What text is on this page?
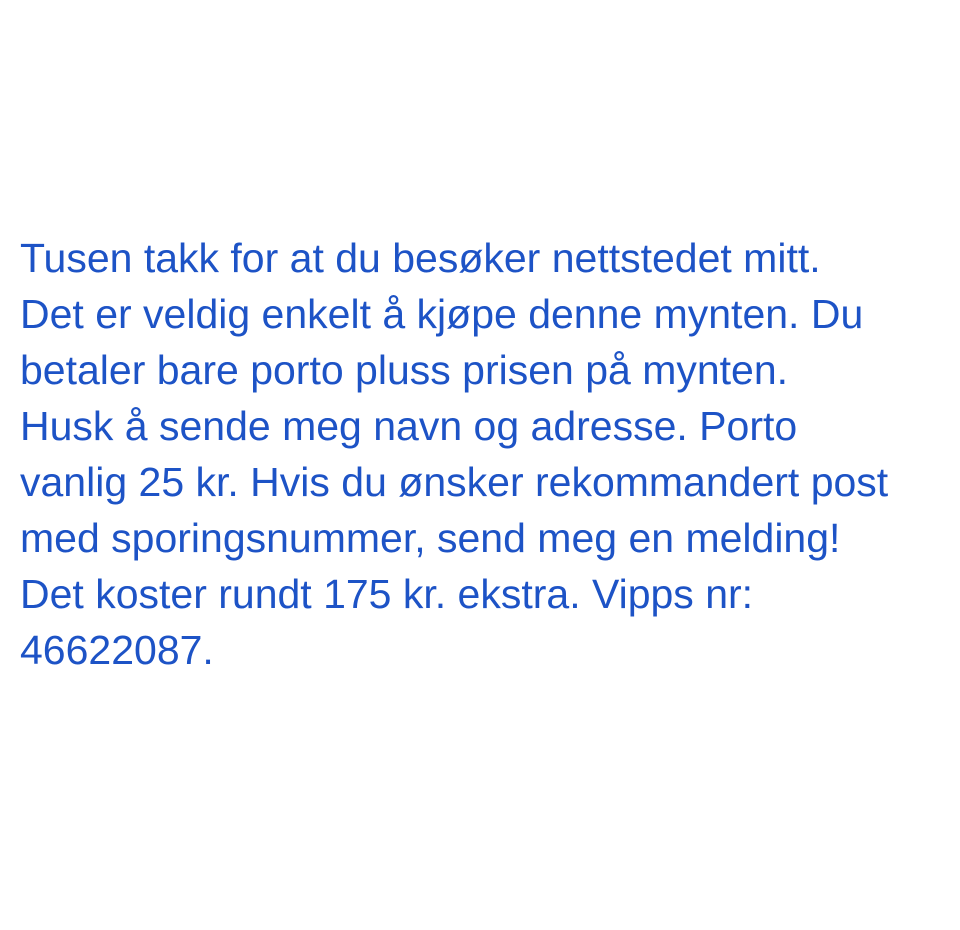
Tusen takk for at du besøker nettstedet mitt.
Det er veldig enkelt å kjøpe denne mynten. Du
betaler bare porto pluss prisen på mynten.
Husk å sende meg navn og adresse. Porto
vanlig 25 kr. Hvis du ønsker rekommandert post
med sporingsnummer, send meg en melding!
Det koster rundt 175 kr. ekstra. Vipps nr:
46622087.
